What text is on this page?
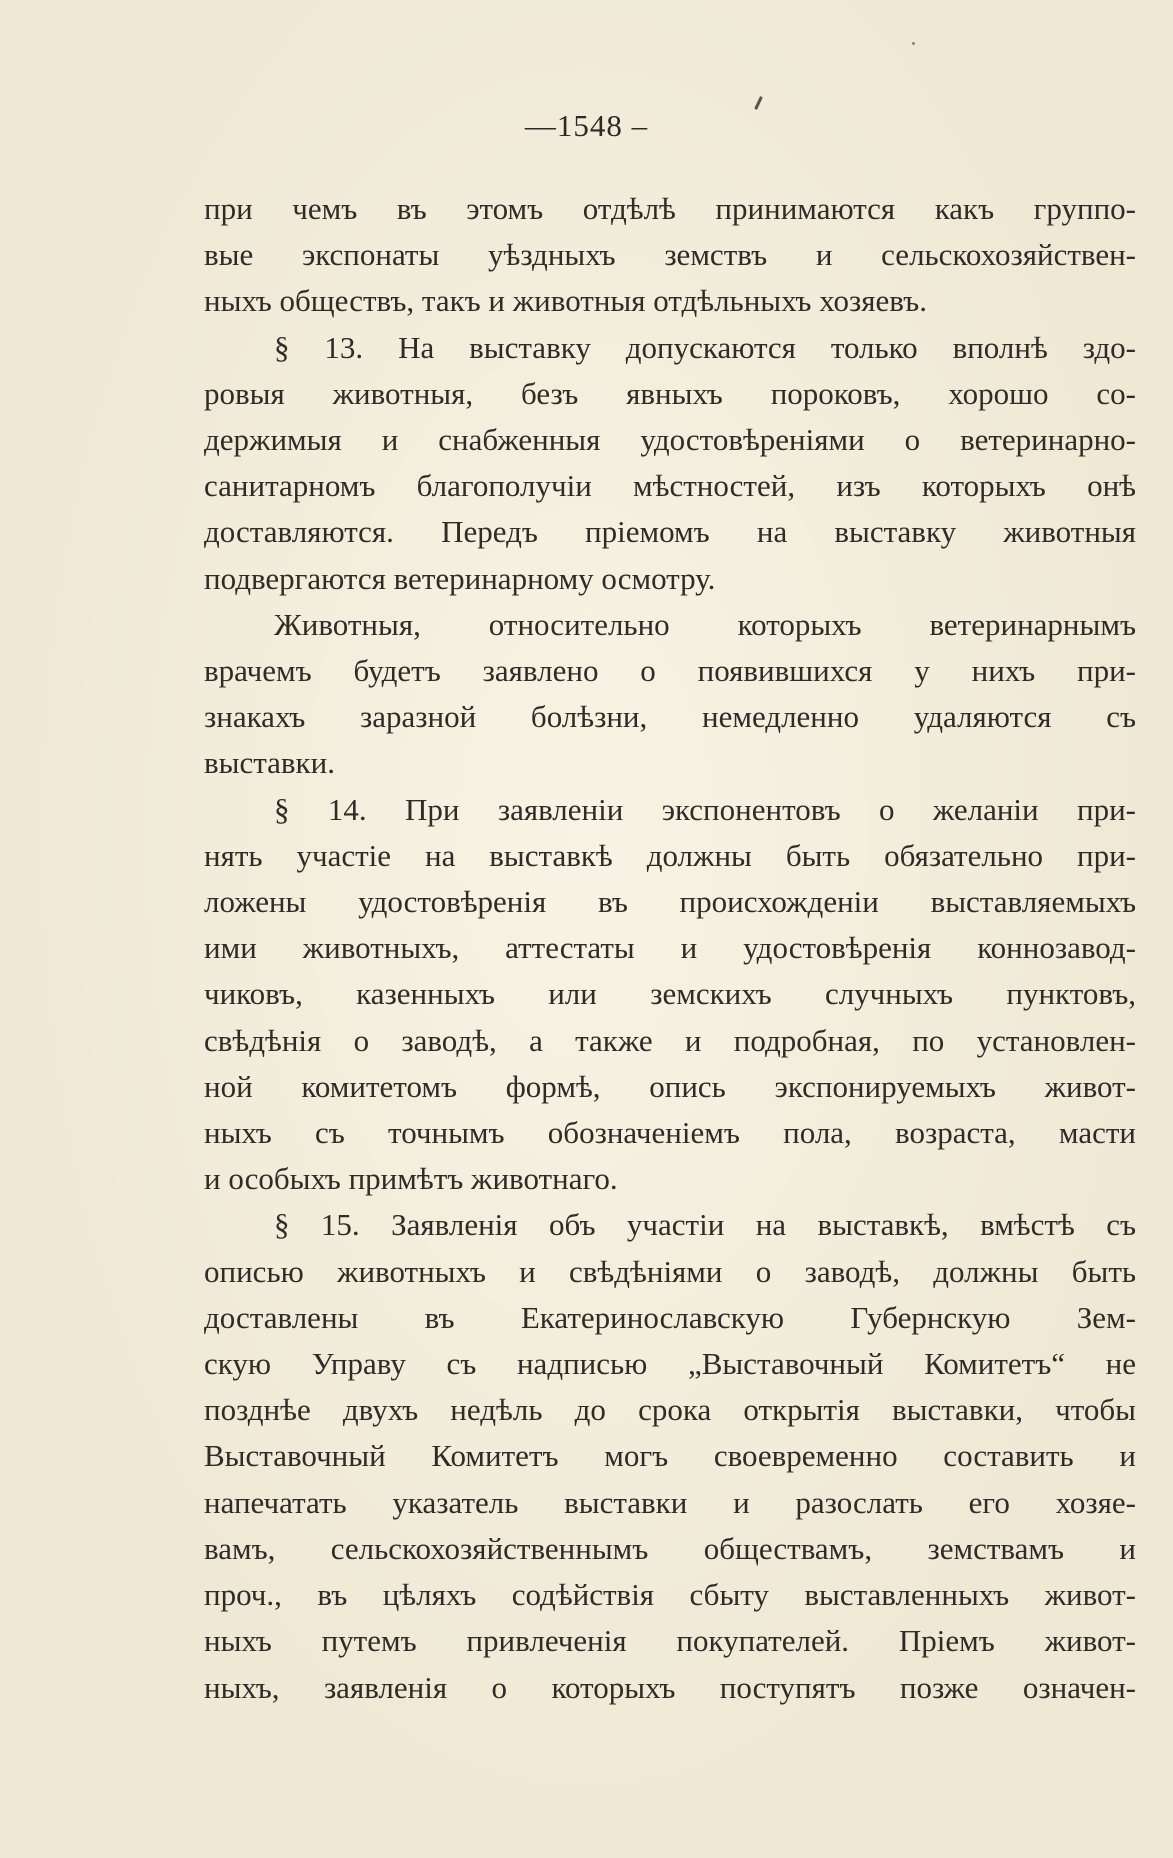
—1548 –
при чемъ въ этомъ отдѣлѣ принимаются какъ группо-
выe экспонаты уѣздныхъ земствъ и сельскохозяйствен-
ныхъ обществъ, такъ и животныя отдѣльныхъ хозяевъ.
§ 13. На выставку допускаются только вполнѣ здо-
ровыя животныя, безъ явныхъ пороковъ, хорошо со-
держимыя и снабженныя удостовѣреніями о ветеринарно-
санитарномъ благополучіи мѣстностей, изъ которыхъ онѣ
доставляются. Передъ пріемомъ на выставку животныя
подвергаются ветеринарному осмотру.
Животныя, относительно которыхъ ветеринарнымъ
врачемъ будетъ заявлено о появившихся у нихъ при-
знакахъ заразной болѣзни, немедленно удаляются съ
выставки.
§ 14. При заявленіи экспонентовъ о желаніи при-
нять участіе на выставкѣ должны быть обязательно при-
ложены удостовѣренія въ происхожденіи выставляемыхъ
ими животныхъ, аттестаты и удостовѣренія коннозавод-
чиковъ, казенныхъ или земскихъ случныхъ пунктовъ,
свѣдѣнія о заводѣ, а также и подробная, по установлен-
ной комитетомъ формѣ, опись экспонируемыхъ живот-
ныхъ съ точнымъ обозначеніемъ пола, возраста, масти
и особыхъ примѣтъ животнаго.
§ 15. Заявленія объ участіи на выставкѣ, вмѣстѣ съ
описью животныхъ и свѣдѣніями о заводѣ, должны быть
доставлены въ Екатеринославскую Губернскую Зем-
скую Управу съ надписью „Выставочный Комитетъ“ не
позднѣе двухъ недѣль до срока открытія выставки, чтобы
Выставочный Комитетъ могъ своевременно составить и
напечатать указатель выставки и разослать его хозяе-
вамъ, сельскохозяйственнымъ обществамъ, земствамъ и
проч., въ цѣляхъ содѣйствія сбыту выставленныхъ живот-
ныхъ путемъ привлеченія покупателей. Пріемъ живот-
ныхъ, заявленія о которыхъ поступятъ позже означен-
